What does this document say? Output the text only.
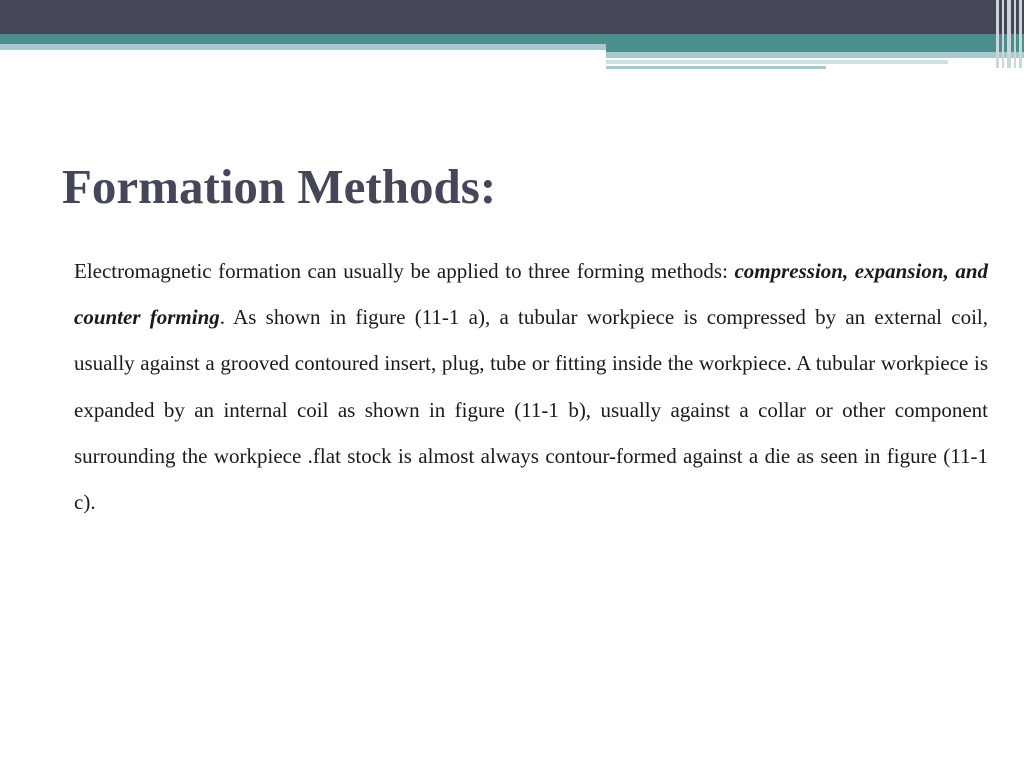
Formation Methods:

Electromagnetic formation can usually be applied to three forming methods: compression, expansion, and counter forming. As shown in figure (11-1 a), a tubular workpiece is compressed by an external coil, usually against a grooved contoured insert, plug, tube or fitting inside the workpiece. A tubular workpiece is expanded by an internal coil as shown in figure (11-1 b), usually against a collar or other component surrounding the workpiece .flat stock is almost always contour-formed against a die as seen in figure (11-1 c).
